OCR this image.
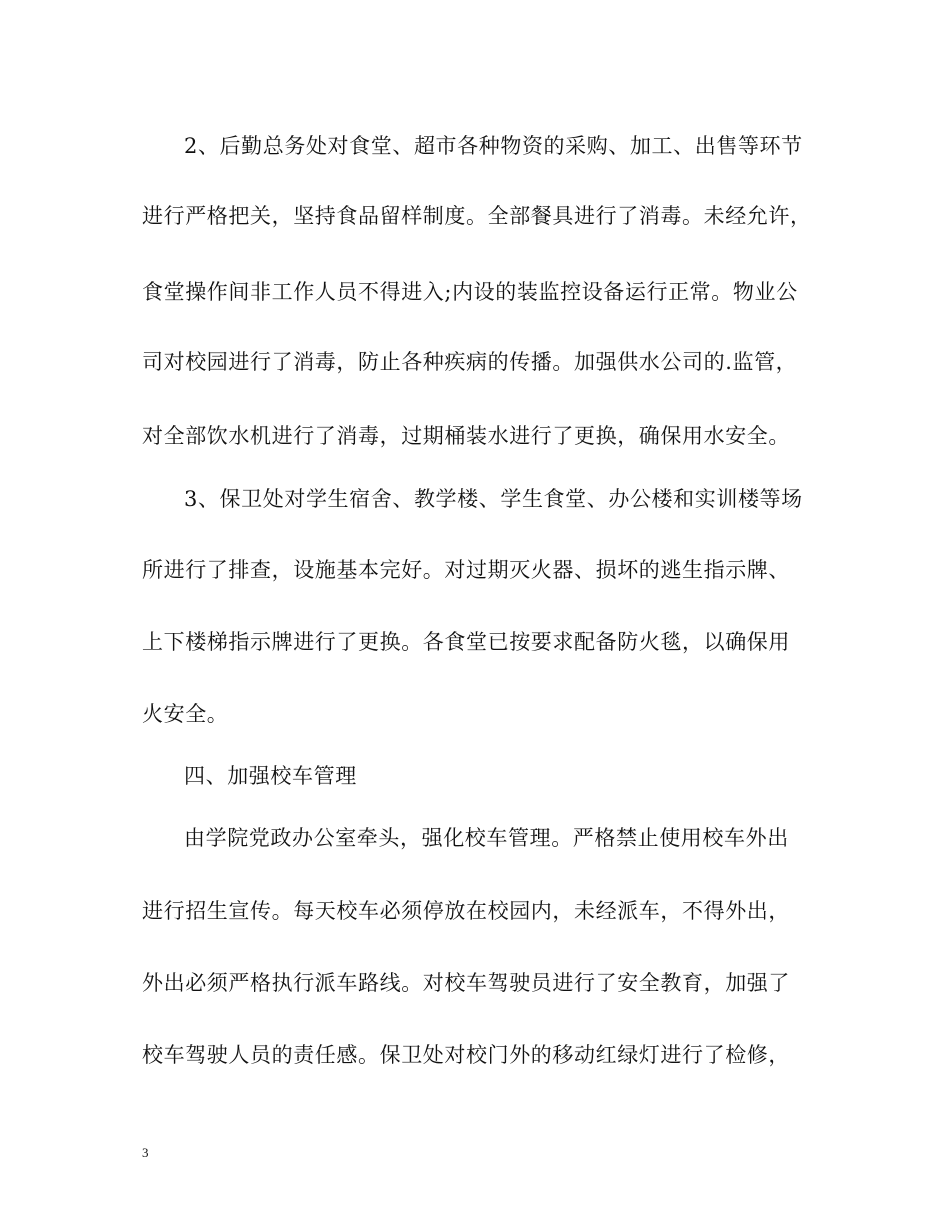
2、后勤总务处对食堂、超市各种物资的采购、加工、出售等环节
进行严格把关，坚持食品留样制度。全部餐具进行了消毒。未经允许，
食堂操作间非工作人员不得进入;内设的装监控设备运行正常。物业公
司对校园进行了消毒，防止各种疾病的传播。加强供水公司的.监管，
对全部饮水机进行了消毒，过期桶装水进行了更换，确保用水安全。
3、保卫处对学生宿舍、教学楼、学生食堂、办公楼和实训楼等场
所进行了排查，设施基本完好。对过期灭火器、损坏的逃生指示牌、
上下楼梯指示牌进行了更换。各食堂已按要求配备防火毯，以确保用
火安全。
四、加强校车管理
由学院党政办公室牵头，强化校车管理。严格禁止使用校车外出
进行招生宣传。每天校车必须停放在校园内，未经派车，不得外出，
外出必须严格执行派车路线。对校车驾驶员进行了安全教育，加强了
校车驾驶人员的责任感。保卫处对校门外的移动红绿灯进行了检修，
3
